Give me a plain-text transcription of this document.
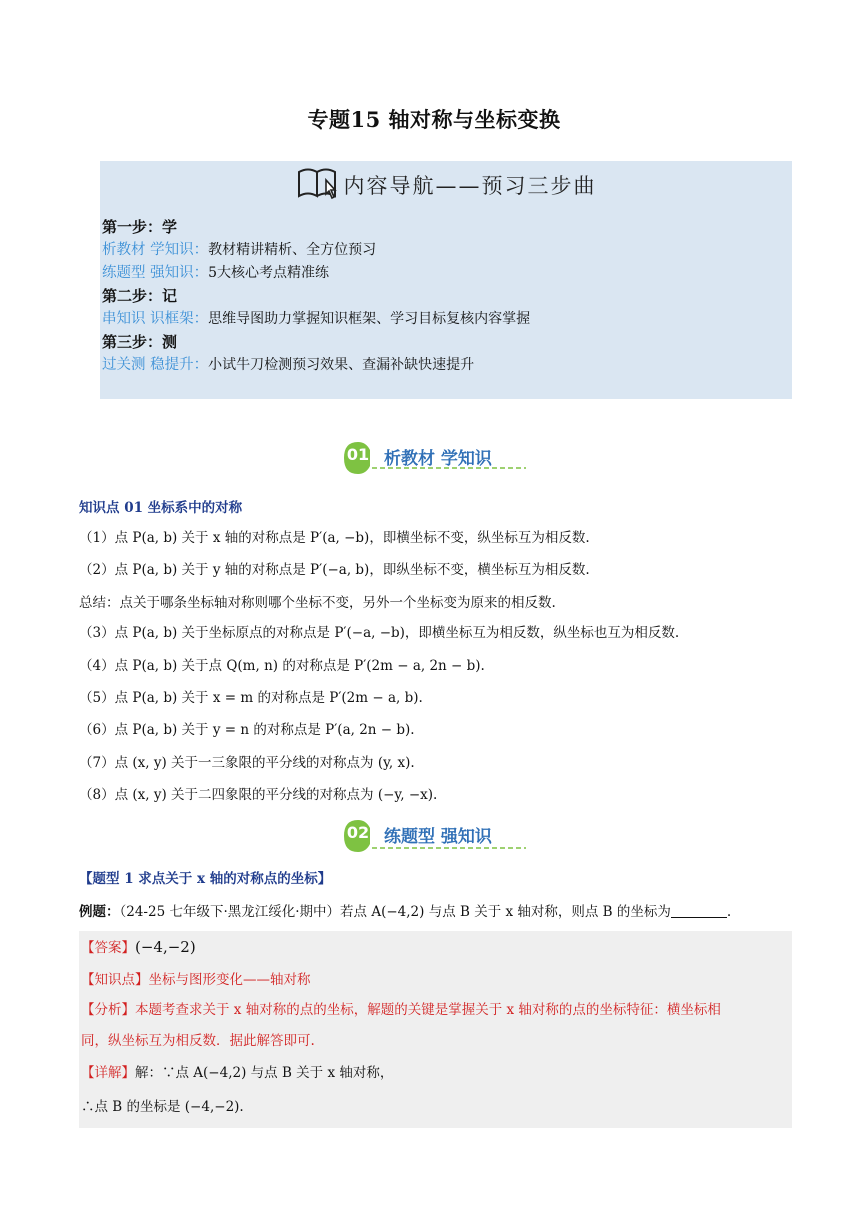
专题15 轴对称与坐标变换
内容导航——预习三步曲
第一步：学
析教材 学知识：教材精讲精析、全方位预习
练题型 强知识：5大核心考点精准练
第二步：记
串知识 识框架：思维导图助力掌握知识框架、学习目标复核内容掌握
第三步：测
过关测 稳提升：小试牛刀检测预习效果、查漏补缺快速提升
01 析教材 学知识
知识点 01 坐标系中的对称
（1）点 P(a, b) 关于 x 轴的对称点是 P′(a, −b)，即横坐标不变，纵坐标互为相反数.
（2）点 P(a, b) 关于 y 轴的对称点是 P′(−a, b)，即纵坐标不变，横坐标互为相反数.
总结：点关于哪条坐标轴对称则哪个坐标不变，另外一个坐标变为原来的相反数.
（3）点 P(a, b) 关于坐标原点的对称点是 P′(−a, −b)，即横坐标互为相反数，纵坐标也互为相反数.
（4）点 P(a, b) 关于点 Q(m, n) 的对称点是 P′(2m − a, 2n − b).
（5）点 P(a, b) 关于 x = m 的对称点是 P′(2m − a, b).
（6）点 P(a, b) 关于 y = n 的对称点是 P′(a, 2n − b).
（7）点 (x, y) 关于一三象限的平分线的对称点为 (y, x).
（8）点 (x, y) 关于二四象限的平分线的对称点为 (−y, −x).
02 练题型 强知识
【题型 1 求点关于 x 轴的对称点的坐标】
例题：（24-25 七年级下·黑龙江绥化·期中）若点 A(−4,2) 与点 B 关于 x 轴对称，则点 B 的坐标为	.
【答案】(−4,−2)
【知识点】坐标与图形变化——轴对称
【分析】本题考查求关于 x 轴对称的点的坐标，解题的关键是掌握关于 x 轴对称的点的坐标特征：横坐标相
同，纵坐标互为相反数．据此解答即可.
【详解】解：∵点 A(−4,2) 与点 B 关于 x 轴对称，
∴点 B 的坐标是 (−4,−2).
